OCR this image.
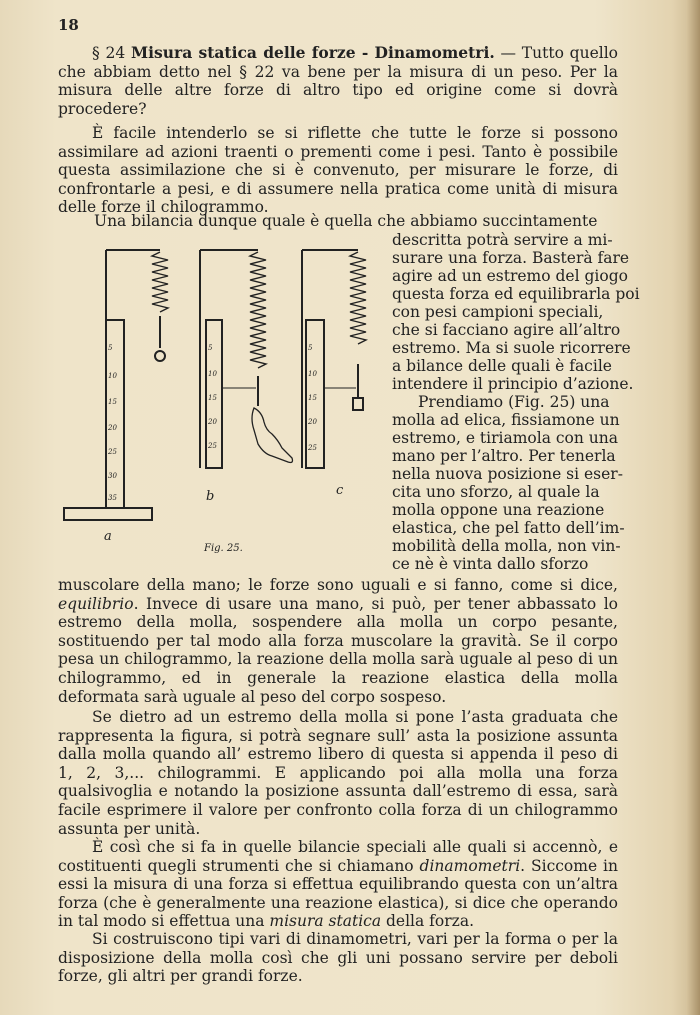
18
§ 24 Misura statica delle forze - Dinamometri. — Tutto quello che abbiam detto nel § 22 va bene per la misura di un peso. Per la misura delle altre forze di altro tipo ed origine come si dovrà procedere?
È facile intenderlo se si riflette che tutte le forze si possono assimilare ad azioni traenti o prementi come i pesi. Tanto è possibile questa assimilazione che si è convenuto, per misurare le forze, di confrontarle a pesi, e di assumere nella pratica come unità di misura delle forze il chilogrammo.
Una bilancia dunque quale è quella che abbiamo succintamente
5
10
15
20
25
30
35
5
10
15
20
25
5
10
15
20
25
a
b	c
Fig. 25.
descritta potrà servire a mi-
surare una forza. Basterà fare
agire ad un estremo del giogo
questa forza ed equilibrarla poi
con pesi campioni speciali,
che si facciano agire all’altro
estremo. Ma si suole ricorrere
a bilance delle quali è facile
intendere il principio d’azione.
Prendiamo (Fig. 25) una
molla ad elica, fissiamone un
estremo, e tiriamola con una
mano per l’altro. Per tenerla
nella nuova posizione si eser-
cita uno sforzo, al quale la
molla oppone una reazione
elastica, che pel fatto dell’im-
mobilità della molla, non vin-
ce nè è vinta dallo sforzo
muscolare della mano; le forze sono uguali e si fanno, come si dice, equilibrio. Invece di usare una mano, si può, per tener abbassato lo estremo della molla, sospendere alla molla un corpo pesante, sostituendo per tal modo alla forza muscolare la gravità. Se il corpo pesa un chilogrammo, la reazione della molla sarà uguale al peso di un chilogrammo, ed in generale la reazione elastica della molla deformata sarà uguale al peso del corpo sospeso.
Se dietro ad un estremo della molla si pone l’asta graduata che rappresenta la figura, si potrà segnare sull’ asta la posizione assunta dalla molla quando all’ estremo libero di questa si appenda il peso di 1, 2, 3,... chilogrammi. E applicando poi alla molla una forza qualsivoglia e notando la posizione assunta dall’estremo di essa, sarà facile esprimere il valore per confronto colla forza di un chilogrammo assunta per unità.
È così che si fa in quelle bilancie speciali alle quali si accennò, e costituenti quegli strumenti che si chiamano dinamometri. Siccome in essi la misura di una forza si effettua equilibrando questa con un’altra forza (che è generalmente una reazione elastica), si dice che operando in tal modo si effettua una misura statica della forza.
Si costruiscono tipi vari di dinamometri, vari per la forma o per la disposizione della molla così che gli uni possano servire per deboli forze, gli altri per grandi forze.
